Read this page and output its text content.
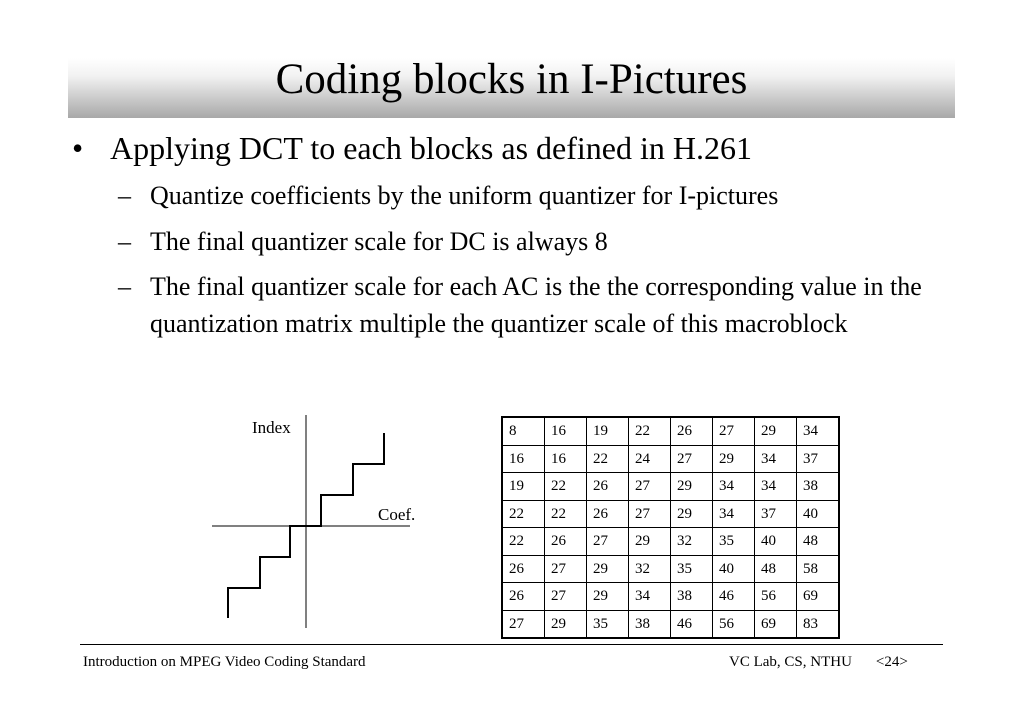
Coding blocks in I-Pictures
• Applying DCT to each blocks as defined in H.261
– Quantize coefficients by the uniform quantizer for I-pictures
– The final quantizer scale for DC is always 8
– The final quantizer scale for each AC is the the corresponding value in the quantization matrix multiple the quantizer scale of this macroblock
Index
Coef.
8	16	19	22	26	27	29	34
16	16	22	24	27	29	34	37
19	22	26	27	29	34	34	38
22	22	26	27	29	34	37	40
22	26	27	29	32	35	40	48
26	27	29	32	35	40	48	58
26	27	29	34	38	46	56	69
27	29	35	38	46	56	69	83
Introduction on MPEG Video Coding Standard	VC Lab, CS, NTHU <24>
